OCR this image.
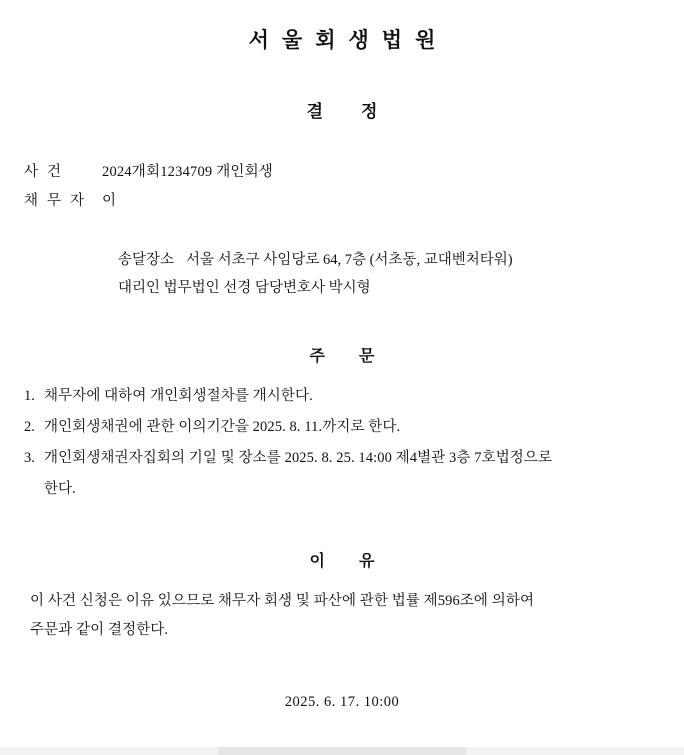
서울회생법원
결정
사건	2024개회1234709 개인회생
채무자 이
송달장소 서울 서초구 사임당로 64, 7층 (서초동, 교대벤처타워)
대리인 법무법인 선경 담당변호사 박시형
주문
1. 채무자에 대하여 개인회생절차를 개시한다.
2. 개인회생채권에 관한 이의기간을 2025. 8. 11.까지로 한다.
3. 개인회생채권자집회의 기일 및 장소를 2025. 8. 25. 14:00 제4별관 3층 7호법정으로
한다.
이유
이 사건 신청은 이유 있으므로 채무자 회생 및 파산에 관한 법률 제596조에 의하여
주문과 같이 결정한다.
2025. 6. 17. 10:00
